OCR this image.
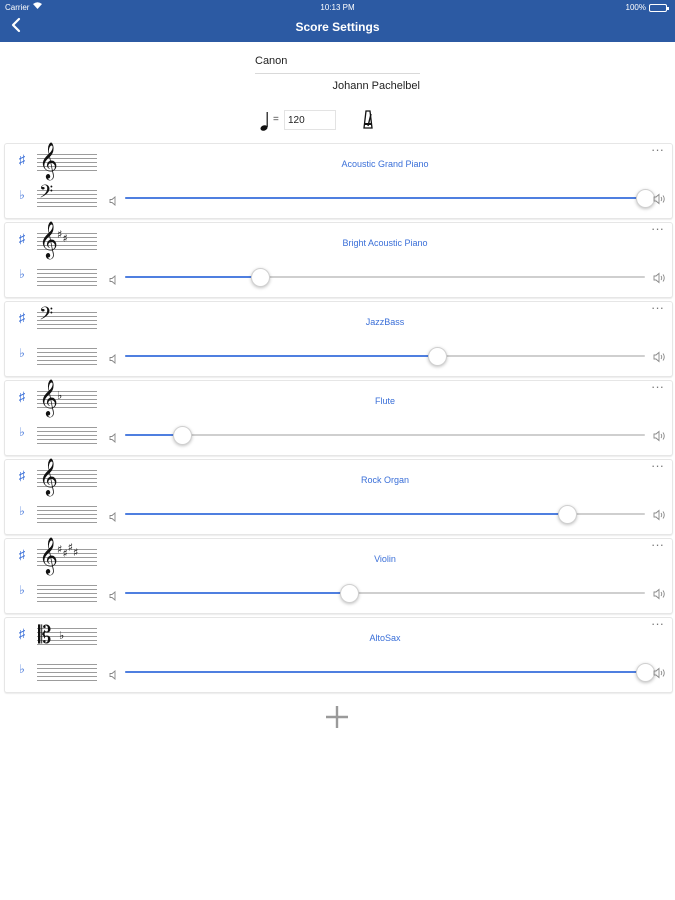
Carrier	10:13 PM	100%
Score Settings
Canon
Johann Pachelbel
= 120
♯
♭
𝄞
𝄢
Acoustic Grand Piano
···
♯
♭
𝄞 ♯♯	Bright Acoustic Piano
···
♯
♭
𝄢	JazzBass
···
♯
♭
𝄞 ♭	Flute
···
♯
♭
𝄞	Rock Organ
···
♯
♭
𝄞 ♯♯♯♯	Violin
···
♯
♭
𝄡 ♭	AltoSax
···
